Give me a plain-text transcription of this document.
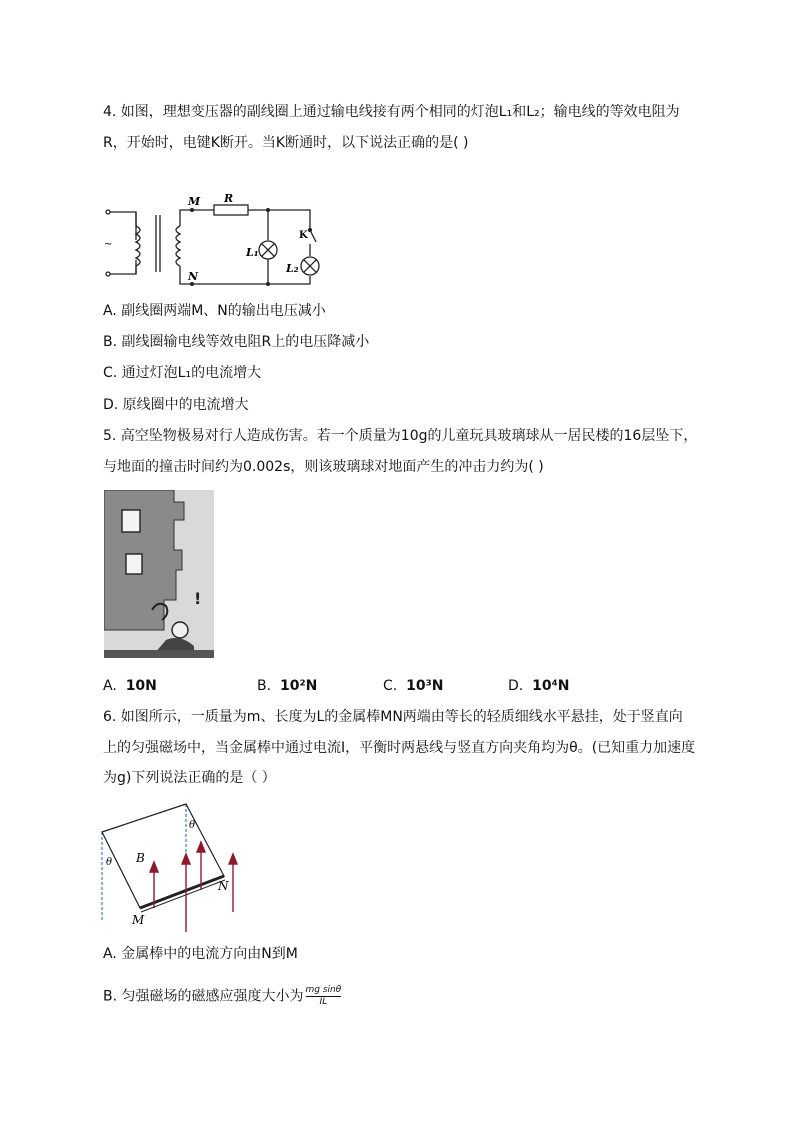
4. 如图，理想变压器的副线圈上通过输电线接有两个相同的灯泡L₁和L₂；输电线的等效电阻为
R，开始时，电键K断开。当K断通时，以下说法正确的是( )
M
N
R
K
L₁
L₂
~
A. 副线圈两端M、N的输出电压减小
B. 副线圈输电线等效电阻R上的电压降减小
C. 通过灯泡L₁的电流增大
D. 原线圈中的电流增大
5. 高空坠物极易对行人造成伤害。若一个质量为10g的儿童玩具玻璃球从一居民楼的16层坠下，
与地面的撞击时间约为0.002s，则该玻璃球对地面产生的冲击力约为( )
!
A. 10N	B. 10²N	C. 10³N	D. 10⁴N
6. 如图所示，一质量为m、长度为L的金属棒MN两端由等长的轻质细线水平悬挂，处于竖直向
上的匀强磁场中，当金属棒中通过电流I，平衡时两悬线与竖直方向夹角均为θ。(已知重力加速度
为g)下列说法正确的是（ ）
B
M
N
θ
θ
A. 金属棒中的电流方向由N到M
B. 匀强磁场的磁感应强度大小为 $\frac{\text{mg sinθ}}{IL}$
